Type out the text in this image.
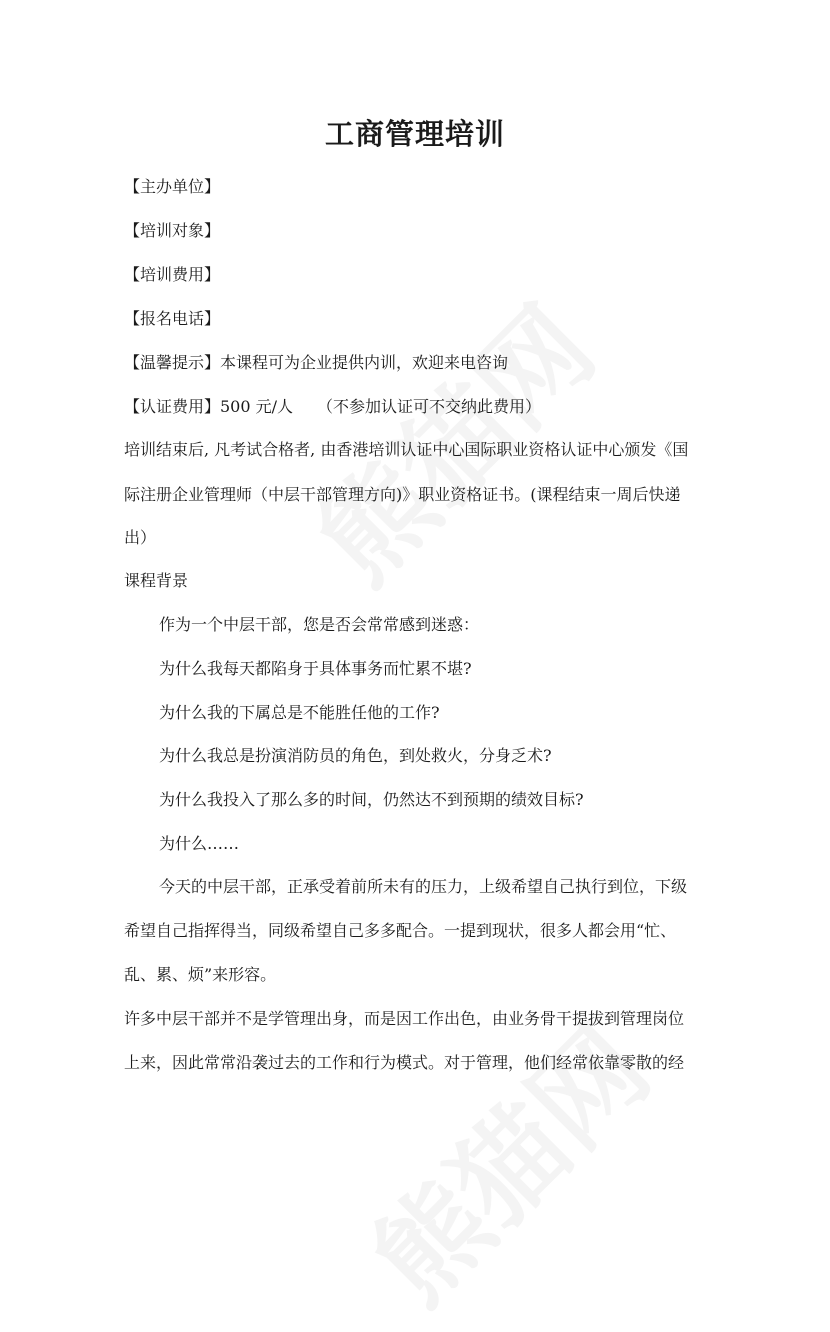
工商管理培训
【主办单位】
【培训对象】
【培训费用】
【报名电话】
【温馨提示】本课程可为企业提供内训，欢迎来电咨询
【认证费用】500 元/人　　（不参加认证可不交纳此费用）
培训结束后, 凡考试合格者, 由香港培训认证中心国际职业资格认证中心颁发《国
际注册企业管理师（中层干部管理方向)》职业资格证书。(课程结束一周后快递
出）
课程背景
作为一个中层干部，您是否会常常感到迷惑：
为什么我每天都陷身于具体事务而忙累不堪?
为什么我的下属总是不能胜任他的工作?
为什么我总是扮演消防员的角色，到处救火，分身乏术?
为什么我投入了那么多的时间，仍然达不到预期的绩效目标?
为什么……
今天的中层干部，正承受着前所未有的压力，上级希望自己执行到位，下级
希望自己指挥得当，同级希望自己多多配合。一提到现状，很多人都会用“忙、
乱、累、烦”来形容。
许多中层干部并不是学管理出身，而是因工作出色，由业务骨干提拔到管理岗位
上来，因此常常沿袭过去的工作和行为模式。对于管理，他们经常依靠零散的经
